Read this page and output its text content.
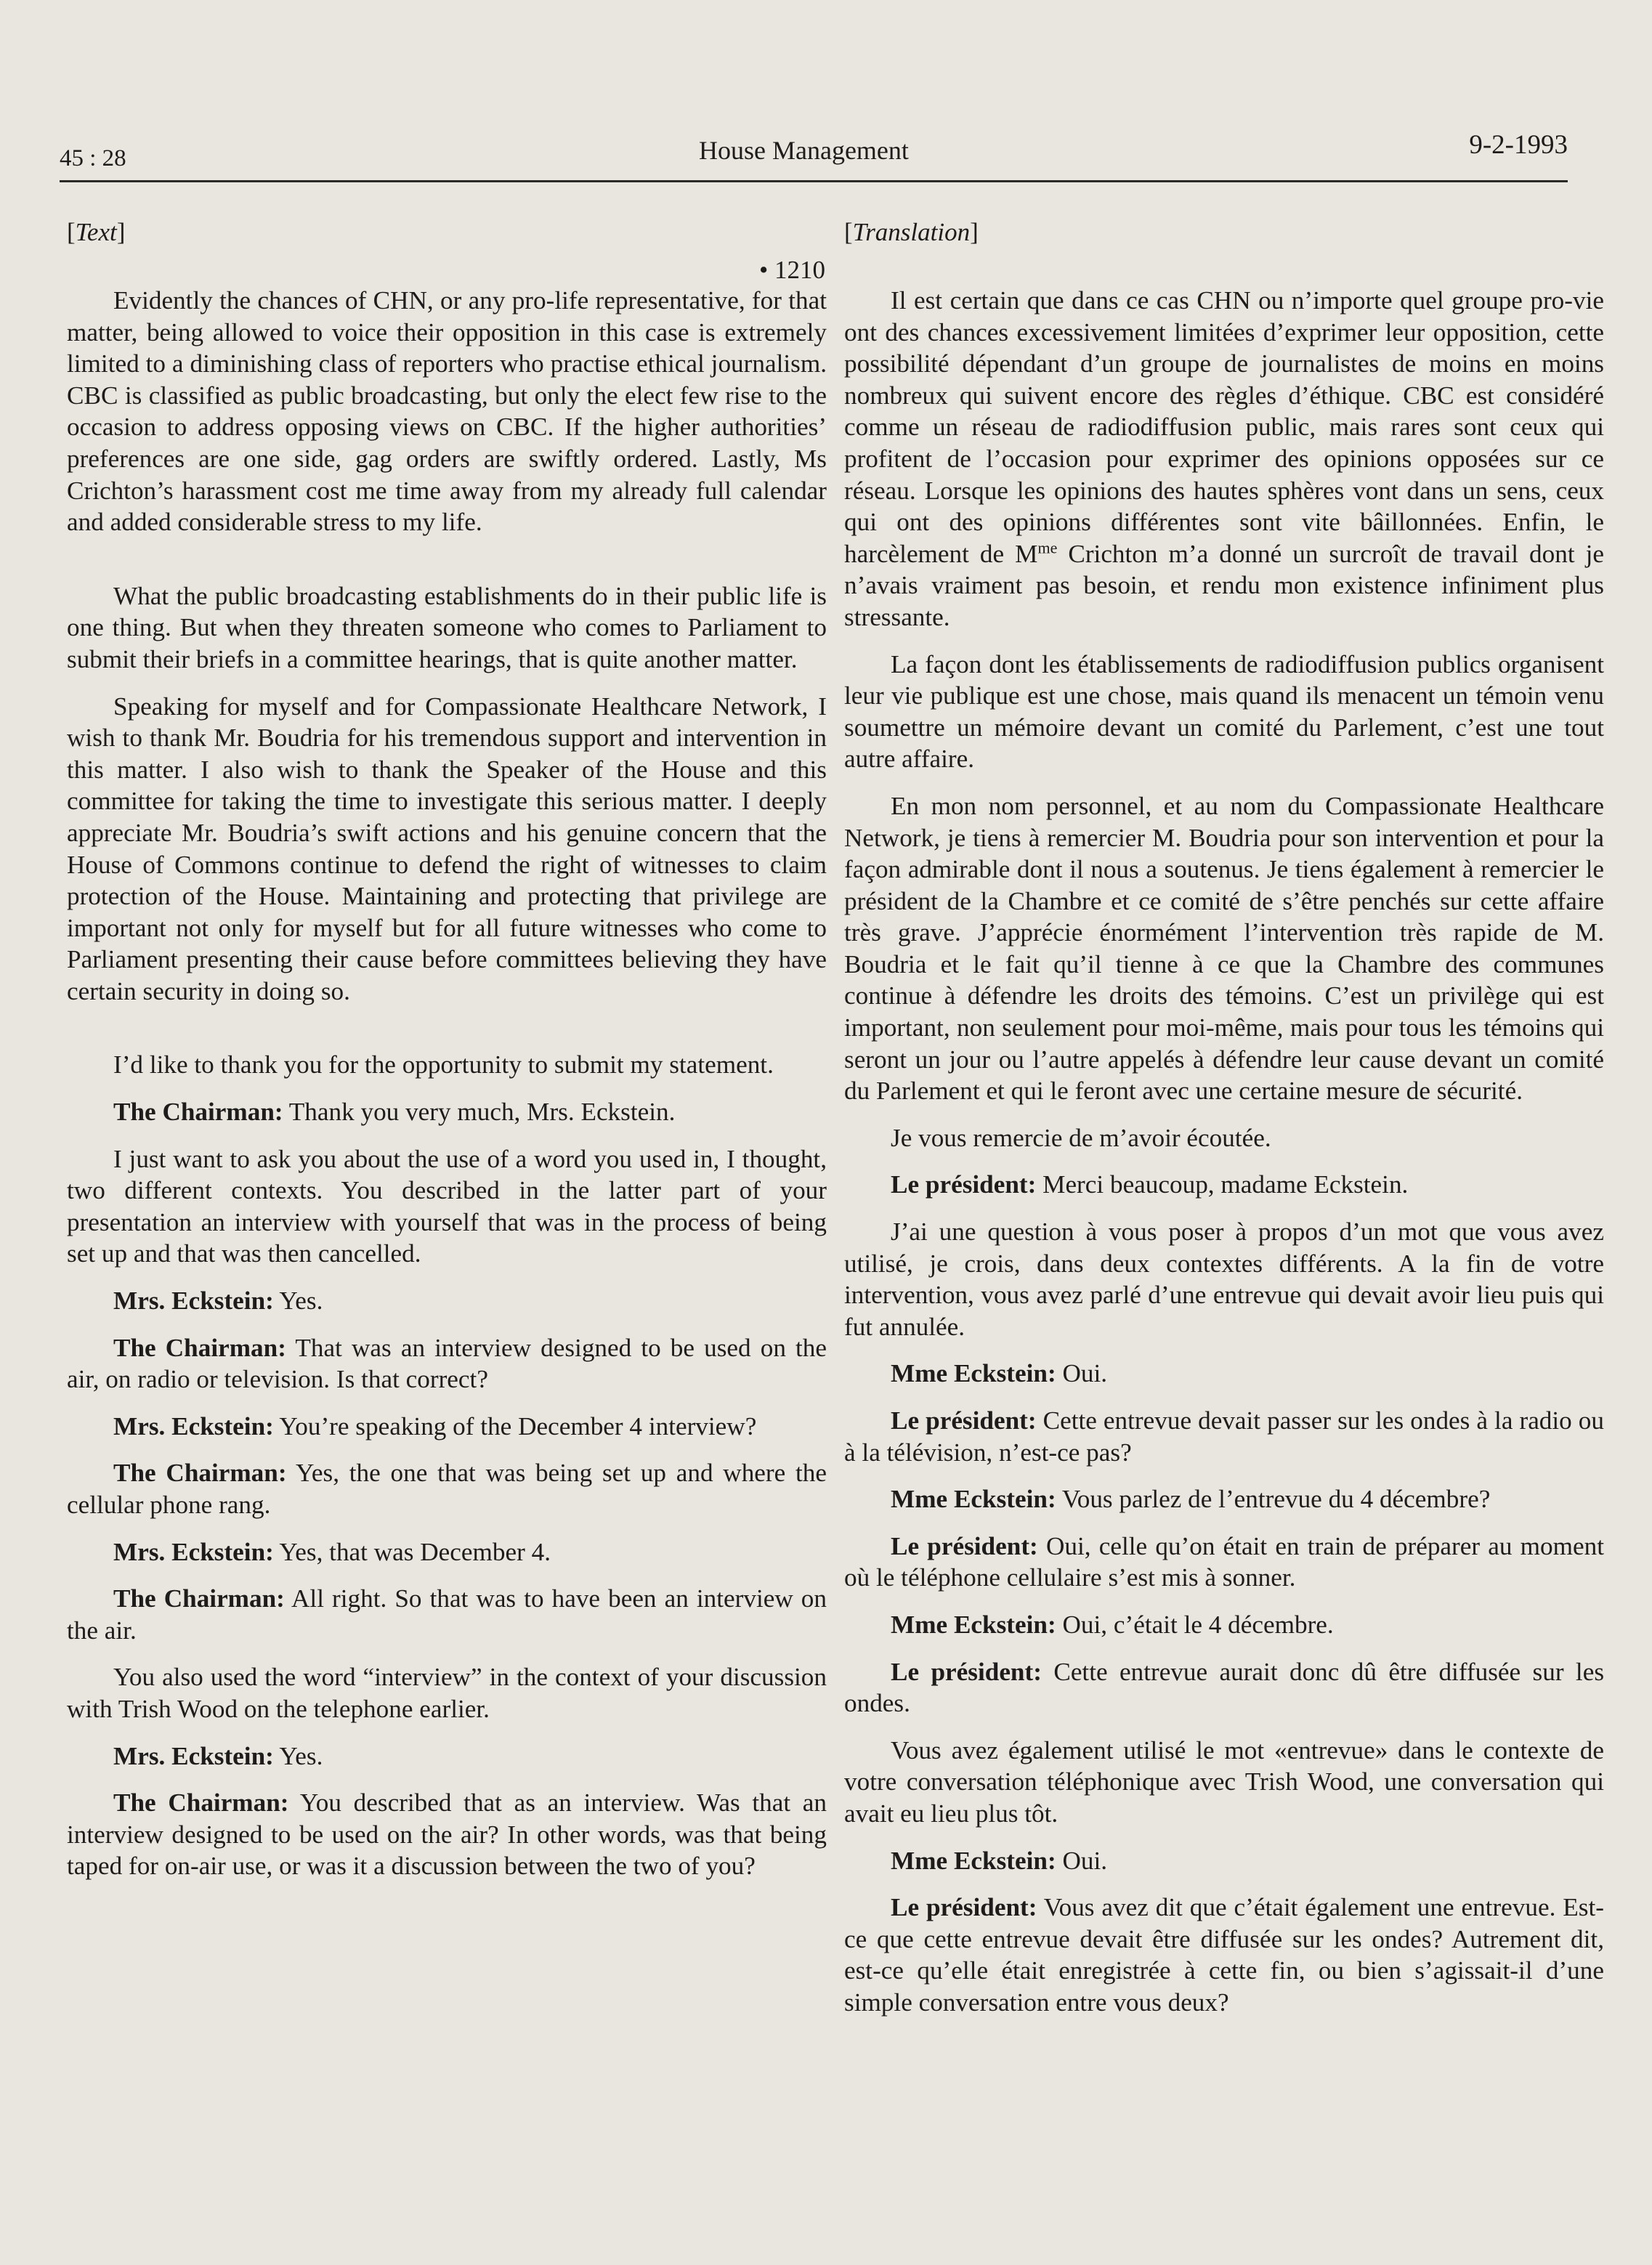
45 : 28	House Management	9-2-1993
[Text]
• 1210

Evidently the chances of CHN, or any pro-life representative, for that matter, being allowed to voice their opposition in this case is extremely limited to a diminishing class of reporters who practise ethical journalism. CBC is classified as public broadcasting, but only the elect few rise to the occasion to address opposing views on CBC. If the higher authorities’ preferences are one side, gag orders are swiftly ordered. Lastly, Ms Crichton’s harassment cost me time away from my already full calendar and added considerable stress to my life.

What the public broadcasting establishments do in their public life is one thing. But when they threaten someone who comes to Parliament to submit their briefs in a committee hearings, that is quite another matter.

Speaking for myself and for Compassionate Healthcare Network, I wish to thank Mr. Boudria for his tremendous support and intervention in this matter. I also wish to thank the Speaker of the House and this committee for taking the time to investigate this serious matter. I deeply appreciate Mr. Boudria’s swift actions and his genuine concern that the House of Commons continue to defend the right of witnesses to claim protection of the House. Maintaining and protecting that privilege are important not only for myself but for all future witnesses who come to Parliament presenting their cause before committees believing they have certain security in doing so.

I’d like to thank you for the opportunity to submit my statement.

The Chairman: Thank you very much, Mrs. Eckstein.

I just want to ask you about the use of a word you used in, I thought, two different contexts. You described in the latter part of your presentation an interview with yourself that was in the process of being set up and that was then cancelled.

Mrs. Eckstein: Yes.

The Chairman: That was an interview designed to be used on the air, on radio or television. Is that correct?

Mrs. Eckstein: You’re speaking of the December 4 interview?

The Chairman: Yes, the one that was being set up and where the cellular phone rang.

Mrs. Eckstein: Yes, that was December 4.

The Chairman: All right. So that was to have been an interview on the air.

You also used the word “interview” in the context of your discussion with Trish Wood on the telephone earlier.

Mrs. Eckstein: Yes.

The Chairman: You described that as an interview. Was that an interview designed to be used on the air? In other words, was that being taped for on-air use, or was it a discussion between the two of you?

[Translation]

Il est certain que dans ce cas CHN ou n’importe quel groupe pro-vie ont des chances excessivement limitées d’exprimer leur opposition, cette possibilité dépendant d’un groupe de journalistes de moins en moins nombreux qui suivent encore des règles d’éthique. CBC est considéré comme un réseau de radiodiffusion public, mais rares sont ceux qui profitent de l’occasion pour exprimer des opinions opposées sur ce réseau. Lorsque les opinions des hautes sphères vont dans un sens, ceux qui ont des opinions différentes sont vite bâillonnées. Enfin, le harcèlement de $M^{me}$ Crichton m’a donné un surcroît de travail dont je n’avais vraiment pas besoin, et rendu mon existence infiniment plus stressante.

La façon dont les établissements de radiodiffusion publics organisent leur vie publique est une chose, mais quand ils menacent un témoin venu soumettre un mémoire devant un comité du Parlement, c’est une tout autre affaire.

En mon nom personnel, et au nom du Compassionate Healthcare Network, je tiens à remercier M. Boudria pour son intervention et pour la façon admirable dont il nous a soutenus. Je tiens également à remercier le président de la Chambre et ce comité de s’être penchés sur cette affaire très grave. J’apprécie énormément l’intervention très rapide de M. Boudria et le fait qu’il tienne à ce que la Chambre des communes continue à défendre les droits des témoins. C’est un privilège qui est important, non seulement pour moi-même, mais pour tous les témoins qui seront un jour ou l’autre appelés à défendre leur cause devant un comité du Parlement et qui le feront avec une certaine mesure de sécurité.

Je vous remercie de m’avoir écoutée.

Le président: Merci beaucoup, madame Eckstein.

J’ai une question à vous poser à propos d’un mot que vous avez utilisé, je crois, dans deux contextes différents. A la fin de votre intervention, vous avez parlé d’une entrevue qui devait avoir lieu puis qui fut annulée.

Mme Eckstein: Oui.

Le président: Cette entrevue devait passer sur les ondes à la radio ou à la télévision, n’est-ce pas?

Mme Eckstein: Vous parlez de l’entrevue du 4 décembre?

Le président: Oui, celle qu’on était en train de préparer au moment où le téléphone cellulaire s’est mis à sonner.

Mme Eckstein: Oui, c’était le 4 décembre.

Le président: Cette entrevue aurait donc dû être diffusée sur les ondes.

Vous avez également utilisé le mot «entrevue» dans le contexte de votre conversation téléphonique avec Trish Wood, une conversation qui avait eu lieu plus tôt.

Mme Eckstein: Oui.

Le président: Vous avez dit que c’était également une entrevue. Est-ce que cette entrevue devait être diffusée sur les ondes? Autrement dit, est-ce qu’elle était enregistrée à cette fin, ou bien s’agissait-il d’une simple conversation entre vous deux?
